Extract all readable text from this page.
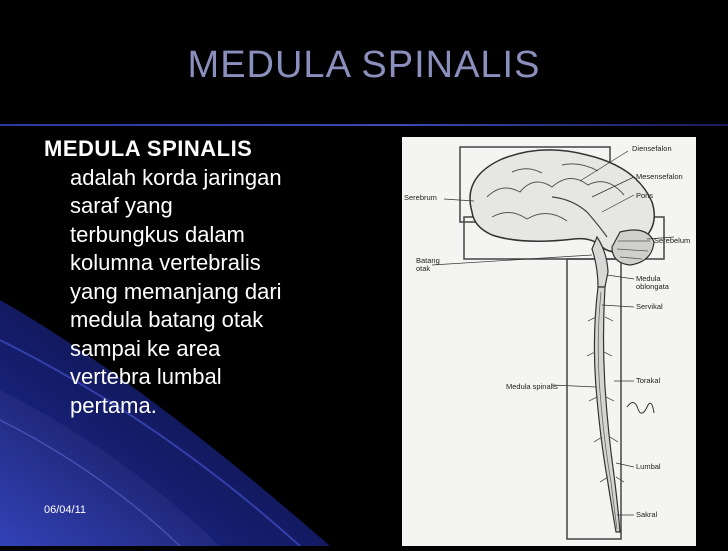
MEDULA SPINALIS
MEDULA SPINALIS
adalah korda jaringan
saraf yang
terbungkus dalam
kolumna vertebralis
yang memanjang dari
medula batang otak
sampai ke area
vertebra lumbal
pertama.
06/04/11
Diensefalon
Mesensefalon
Pons
Serebelum
Serebrum
Batang
otak
Medula
oblongata
Servikal
Medula spinalis
Torakal
Lumbal
Sakral
